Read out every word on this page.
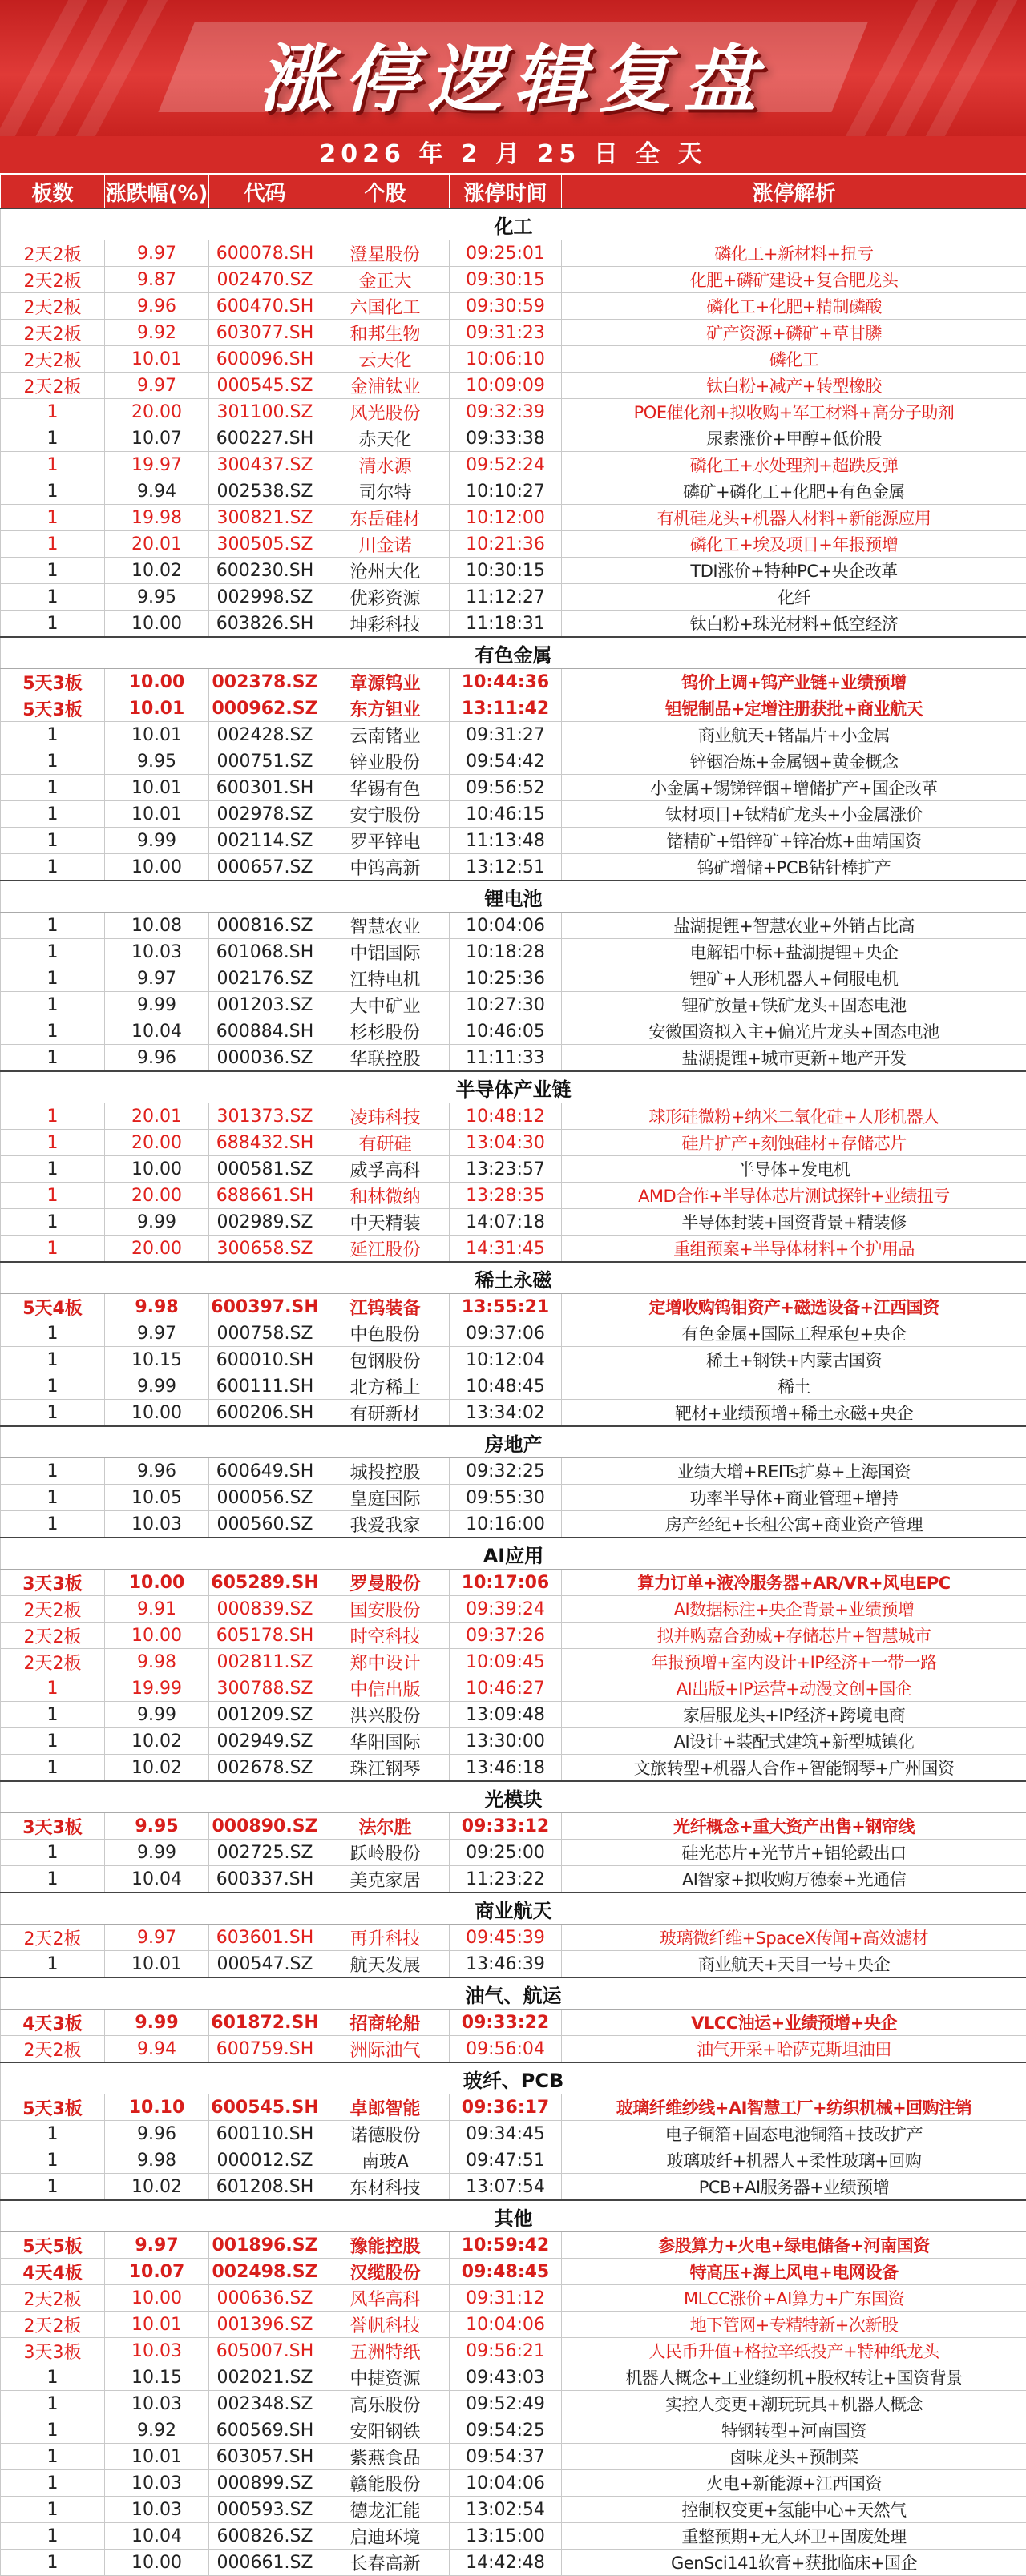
涨停逻辑复盘
2026 年 2 月 25 日 全 天
板数	涨跌幅(%)	代码	个股	涨停时间	涨停解析
化工					
2天2板	9.97	600078.SH	澄星股份	09:25:01	磷化工+新材料+扭亏
2天2板	9.87	002470.SZ	金正大	09:30:15	化肥+磷矿建设+复合肥龙头
2天2板	9.96	600470.SH	六国化工	09:30:59	磷化工+化肥+精制磷酸
2天2板	9.92	603077.SH	和邦生物	09:31:23	矿产资源+磷矿+草甘膦
2天2板	10.01	600096.SH	云天化	10:06:10	磷化工
2天2板	9.97	000545.SZ	金浦钛业	10:09:09	钛白粉+减产+转型橡胶
1	20.00	301100.SZ	风光股份	09:32:39	POE催化剂+拟收购+军工材料+高分子助剂
1	10.07	600227.SH	赤天化	09:33:38	尿素涨价+甲醇+低价股
1	19.97	300437.SZ	清水源	09:52:24	磷化工+水处理剂+超跌反弹
1	9.94	002538.SZ	司尔特	10:10:27	磷矿+磷化工+化肥+有色金属
1	19.98	300821.SZ	东岳硅材	10:12:00	有机硅龙头+机器人材料+新能源应用
1	20.01	300505.SZ	川金诺	10:21:36	磷化工+埃及项目+年报预增
1	10.02	600230.SH	沧州大化	10:30:15	TDI涨价+特种PC+央企改革
1	9.95	002998.SZ	优彩资源	11:12:27	化纤
1	10.00	603826.SH	坤彩科技	11:18:31	钛白粉+珠光材料+低空经济
有色金属					
5天3板	10.00	002378.SZ	章源钨业	10:44:36	钨价上调+钨产业链+业绩预增
5天3板	10.01	000962.SZ	东方钽业	13:11:42	钽铌制品+定增注册获批+商业航天
1	10.01	002428.SZ	云南锗业	09:31:27	商业航天+锗晶片+小金属
1	9.95	000751.SZ	锌业股份	09:54:42	锌铟冶炼+金属铟+黄金概念
1	10.01	600301.SH	华锡有色	09:56:52	小金属+锡锑锌铟+增储扩产+国企改革
1	10.01	002978.SZ	安宁股份	10:46:15	钛材项目+钛精矿龙头+小金属涨价
1	9.99	002114.SZ	罗平锌电	11:13:48	锗精矿+铅锌矿+锌冶炼+曲靖国资
1	10.00	000657.SZ	中钨高新	13:12:51	钨矿增储+PCB钻针棒扩产
锂电池					
1	10.08	000816.SZ	智慧农业	10:04:06	盐湖提锂+智慧农业+外销占比高
1	10.03	601068.SH	中铝国际	10:18:28	电解铝中标+盐湖提锂+央企
1	9.97	002176.SZ	江特电机	10:25:36	锂矿+人形机器人+伺服电机
1	9.99	001203.SZ	大中矿业	10:27:30	锂矿放量+铁矿龙头+固态电池
1	10.04	600884.SH	杉杉股份	10:46:05	安徽国资拟入主+偏光片龙头+固态电池
1	9.96	000036.SZ	华联控股	11:11:33	盐湖提锂+城市更新+地产开发
半导体产业链					
1	20.01	301373.SZ	凌玮科技	10:48:12	球形硅微粉+纳米二氧化硅+人形机器人
1	20.00	688432.SH	有研硅	13:04:30	硅片扩产+刻蚀硅材+存储芯片
1	10.00	000581.SZ	威孚高科	13:23:57	半导体+发电机
1	20.00	688661.SH	和林微纳	13:28:35	AMD合作+半导体芯片测试探针+业绩扭亏
1	9.99	002989.SZ	中天精装	14:07:18	半导体封装+国资背景+精装修
1	20.00	300658.SZ	延江股份	14:31:45	重组预案+半导体材料+个护用品
稀土永磁					
5天4板	9.98	600397.SH	江钨装备	13:55:21	定增收购钨钼资产+磁选设备+江西国资
1	9.97	000758.SZ	中色股份	09:37:06	有色金属+国际工程承包+央企
1	10.15	600010.SH	包钢股份	10:12:04	稀土+钢铁+内蒙古国资
1	9.99	600111.SH	北方稀土	10:48:45	稀土
1	10.00	600206.SH	有研新材	13:34:02	靶材+业绩预增+稀土永磁+央企
房地产					
1	9.96	600649.SH	城投控股	09:32:25	业绩大增+REITs扩募+上海国资
1	10.05	000056.SZ	皇庭国际	09:55:30	功率半导体+商业管理+增持
1	10.03	000560.SZ	我爱我家	10:16:00	房产经纪+长租公寓+商业资产管理
AI应用					
3天3板	10.00	605289.SH	罗曼股份	10:17:06	算力订单+液冷服务器+AR/VR+风电EPC
2天2板	9.91	000839.SZ	国安股份	09:39:24	AI数据标注+央企背景+业绩预增
2天2板	10.00	605178.SH	时空科技	09:37:26	拟并购嘉合劲威+存储芯片+智慧城市
2天2板	9.98	002811.SZ	郑中设计	10:09:45	年报预增+室内设计+IP经济+一带一路
1	19.99	300788.SZ	中信出版	10:46:27	AI出版+IP运营+动漫文创+国企
1	9.99	001209.SZ	洪兴股份	13:09:48	家居服龙头+IP经济+跨境电商
1	10.02	002949.SZ	华阳国际	13:30:00	AI设计+装配式建筑+新型城镇化
1	10.02	002678.SZ	珠江钢琴	13:46:18	文旅转型+机器人合作+智能钢琴+广州国资
光模块					
3天3板	9.95	000890.SZ	法尔胜	09:33:12	光纤概念+重大资产出售+钢帘线
1	9.99	002725.SZ	跃岭股份	09:25:00	硅光芯片+光节片+铝轮毂出口
1	10.04	600337.SH	美克家居	11:23:22	AI智家+拟收购万德泰+光通信
商业航天					
2天2板	9.97	603601.SH	再升科技	09:45:39	玻璃微纤维+SpaceX传闻+高效滤材
1	10.01	000547.SZ	航天发展	13:46:39	商业航天+天目一号+央企
油气、航运					
4天3板	9.99	601872.SH	招商轮船	09:33:22	VLCC油运+业绩预增+央企
2天2板	9.94	600759.SH	洲际油气	09:56:04	油气开采+哈萨克斯坦油田
玻纤、PCB					
5天3板	10.10	600545.SH	卓郎智能	09:36:17	玻璃纤维纱线+AI智慧工厂+纺织机械+回购注销
1	9.96	600110.SH	诺德股份	09:34:45	电子铜箔+固态电池铜箔+技改扩产
1	9.98	000012.SZ	南玻A	09:47:51	玻璃玻纤+机器人+柔性玻璃+回购
1	10.02	601208.SH	东材科技	13:07:54	PCB+AI服务器+业绩预增
其他					
5天5板	9.97	001896.SZ	豫能控股	10:59:42	参股算力+火电+绿电储备+河南国资
4天4板	10.07	002498.SZ	汉缆股份	09:48:45	特高压+海上风电+电网设备
2天2板	10.00	000636.SZ	风华高科	09:31:12	MLCC涨价+AI算力+广东国资
2天2板	10.01	001396.SZ	誉帆科技	10:04:06	地下管网+专精特新+次新股
3天3板	10.03	605007.SH	五洲特纸	09:56:21	人民币升值+格拉辛纸投产+特种纸龙头
1	10.15	002021.SZ	中捷资源	09:43:03	机器人概念+工业缝纫机+股权转让+国资背景
1	10.03	002348.SZ	高乐股份	09:52:49	实控人变更+潮玩玩具+机器人概念
1	9.92	600569.SH	安阳钢铁	09:54:25	特钢转型+河南国资
1	10.01	603057.SH	紫燕食品	09:54:37	卤味龙头+预制菜
1	10.03	000899.SZ	赣能股份	10:04:06	火电+新能源+江西国资
1	10.03	000593.SZ	德龙汇能	13:02:54	控制权变更+氢能中心+天然气
1	10.04	600826.SZ	启迪环境	13:15:00	重整预期+无人环卫+固废处理
1	10.00	000661.SZ	长春高新	14:42:48	GenSci141软膏+获批临床+国企
